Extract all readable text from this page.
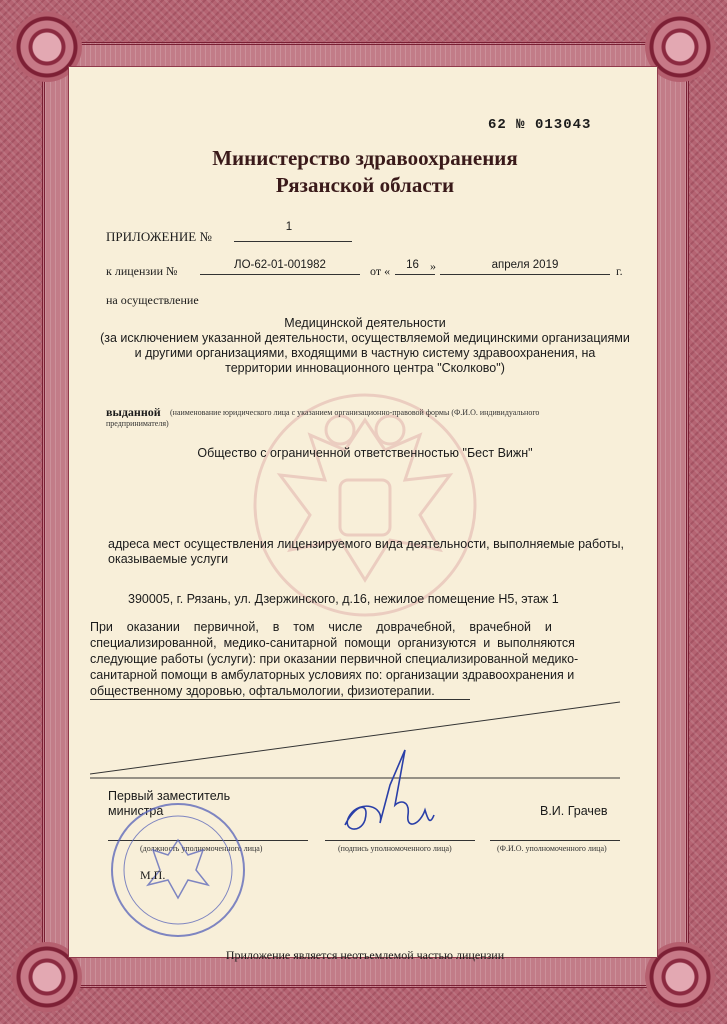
62 № 013043
Министерство здравоохранения
Рязанской области
ПРИЛОЖЕНИЕ №
1
к лицензии №	ЛО-62-01-001982	от «	16 »	апреля 2019	г.
на осуществление
Медицинской деятельности
(за исключением указанной деятельности, осуществляемой медицинскими организациями
и другими организациями, входящими в частную систему здравоохранения, на
территории инновационного центра "Сколково")
выданной (наименование юридического лица с указанием организационно-правовой формы (Ф.И.О. индивидуального
предпринимателя)
Общество с ограниченной ответственностью "Бест Вижн"
адреса мест осуществления лицензируемого вида деятельности, выполняемые работы,
оказываемые услуги
390005, г. Рязань, ул. Дзержинского, д.16, нежилое помещение Н5, этаж 1
При    оказании    первичной,    в    том    числе    доврачебной,    врачебной    и
специализированной,  медико-санитарной  помощи  организуются  и  выполняются
следующие работы (услуги): при оказании первичной специализированной медико-
санитарной помощи в амбулаторных условиях по: организации здравоохранения и
общественному здоровью, офтальмологии, физиотерапии.
Первый заместитель
министра	В.И. Грачев
(должность уполномоченного лица)	(подпись уполномоченного лица)	(Ф.И.О. уполномоченного лица)
М.П.
Приложение является неотъемлемой частью лицензии
